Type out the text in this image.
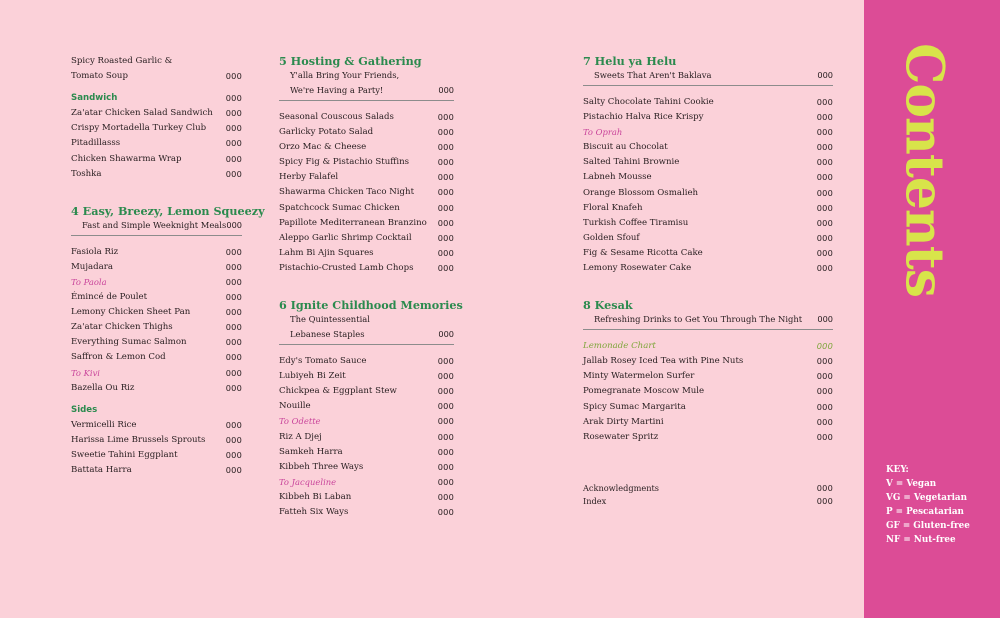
Spicy Roasted Garlic & Tomato Soup	000
Sandwich	000
Za'atar Chicken Salad Sandwich 000
Crispy Mortadella Turkey Club 000
Pitadillasss	000
Chicken Shawarma Wrap	000
Toshka	000
4 Easy, Breezy, Lemon Squeezy
Fast and Simple Weeknight Meals 000
Fasiola Riz	000
Mujadara	000
To Paola	000
Émincé de Poulet	000
Lemony Chicken Sheet Pan	000
Za'atar Chicken Thighs	000
Everything Sumac Salmon	000
Saffron & Lemon Cod	000
To Kivi	000
Bazella Ou Riz	000
Sides
Vermicelli Rice	000
Harissa Lime Brussels Sprouts 000
Sweetie Tahini Eggplant	000
Battata Harra	000
5 Hosting & Gathering
Y'alla Bring Your Friends, We're Having a Party!	000
Seasonal Couscous Salads	000
Garlicky Potato Salad	000
Orzo Mac & Cheese	000
Spicy Fig & Pistachio Stuffins	000
Herby Falafel	000
Shawarma Chicken Taco Night	000
Spatchcock Sumac Chicken	000
Papillote Mediterranean Branzino 000
Aleppo Garlic Shrimp Cocktail	000
Lahm Bi Ajin Squares	000
Pistachio-Crusted Lamb Chops	000
6 Ignite Childhood Memories
The Quintessential Lebanese Staples	000
Edy's Tomato Sauce	000
Lubiyeh Bi Zeit	000
Chickpea & Eggplant Stew	000
Nouille	000
To Odette	000
Riz A Djej	000
Samkeh Harra	000
Kibbeh Three Ways	000
To Jacqueline	000
Kibbeh Bi Laban	000
Fatteh Six Ways	000
7 Helu ya Helu
Sweets That Aren't Baklava	000
Salty Chocolate Tahini Cookie	000
Pistachio Halva Rice Krispy	000
To Oprah	000
Biscuit au Chocolat	000
Salted Tahini Brownie	000
Labneh Mousse	000
Orange Blossom Osmalieh	000
Floral Knafeh	000
Turkish Coffee Tiramisu	000
Golden Sfouf	000
Fig & Sesame Ricotta Cake	000
Lemony Rosewater Cake	000
8 Kesak
Refreshing Drinks to Get You Through The Night 000
Lemonade Chart	000
Jallab Rosey Iced Tea with Pine Nuts	000
Minty Watermelon Surfer	000
Pomegranate Moscow Mule	000
Spicy Sumac Margarita	000
Arak Dirty Martini	000
Rosewater Spritz	000
Acknowledgments	000
Index	000
Contents
KEY:
V = Vegan
VG = Vegetarian
P = Pescatarian
GF = Gluten-free
NF = Nut-free
